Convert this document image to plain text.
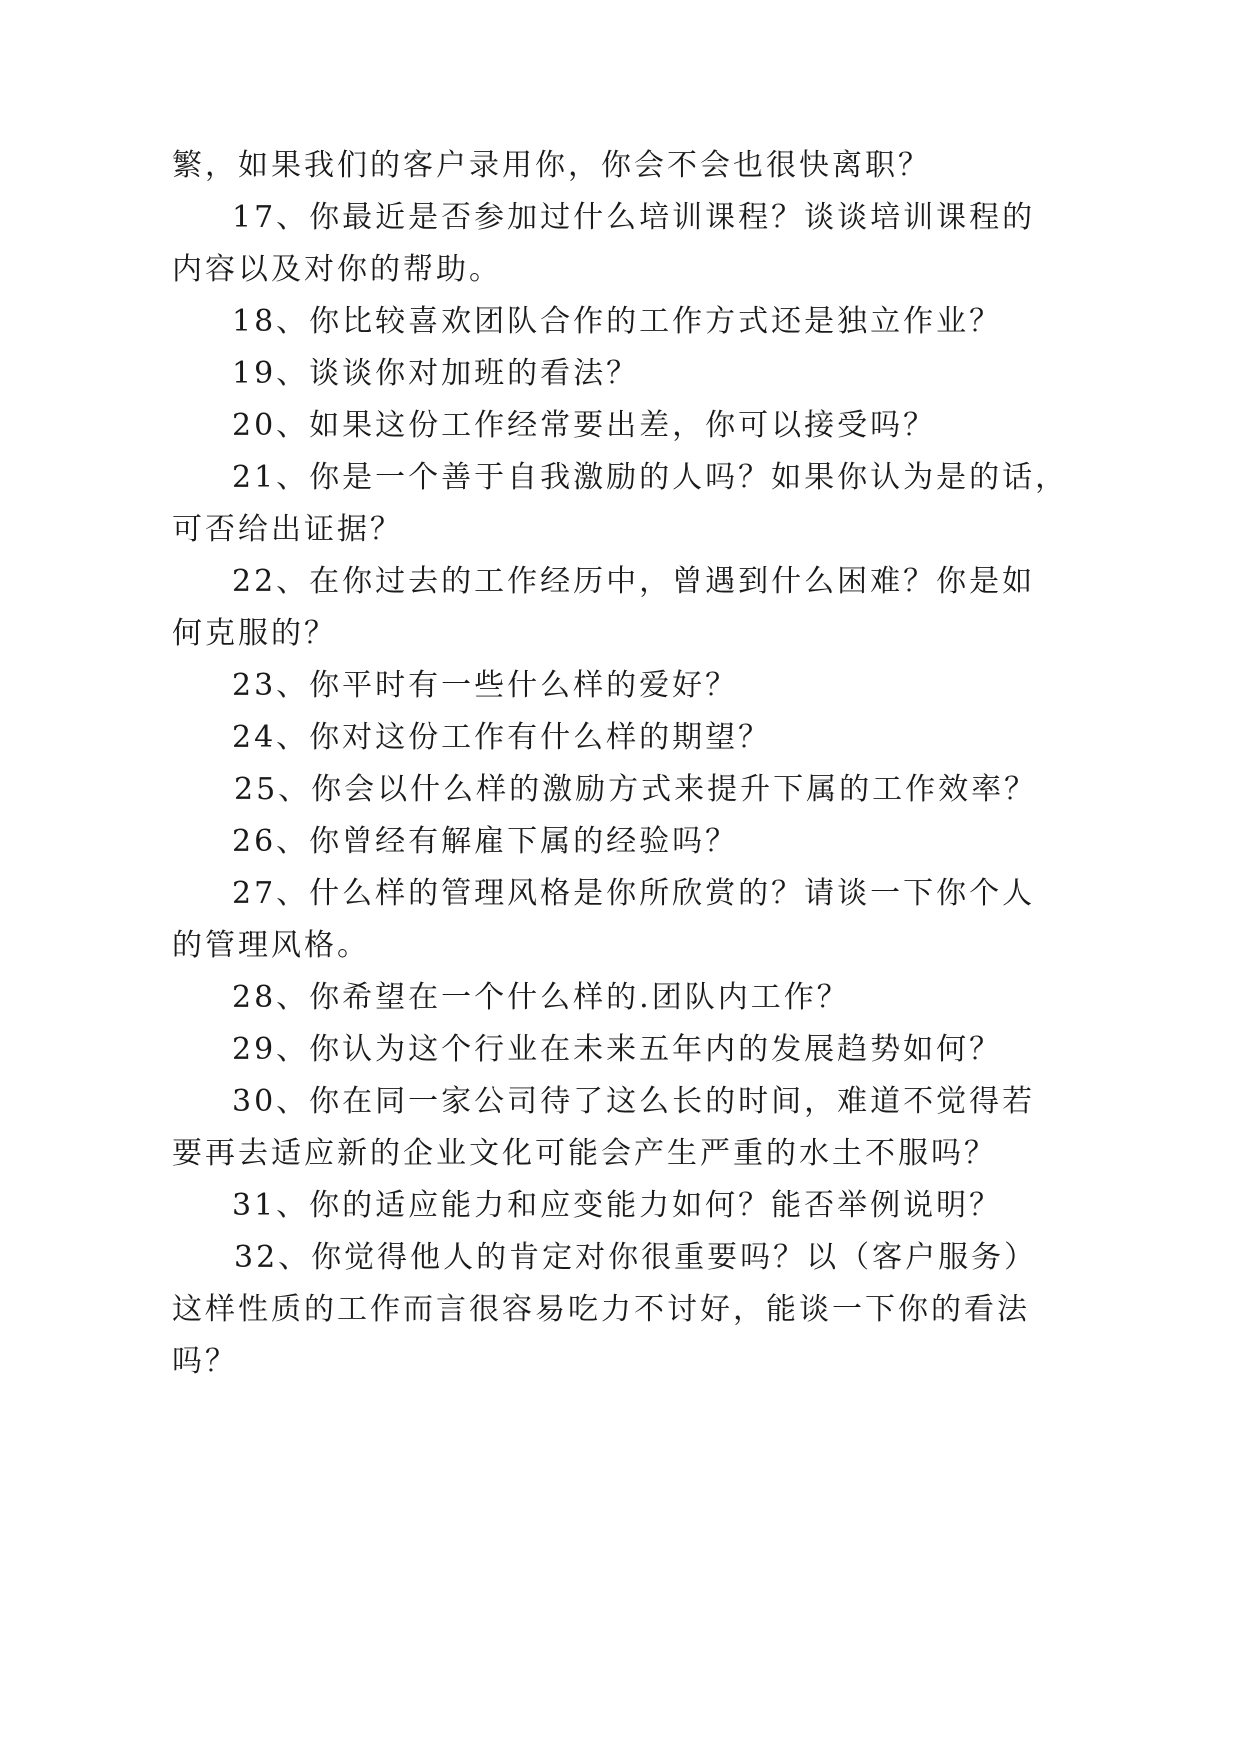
繁，如果我们的客户录用你，你会不会也很快离职？

17、你最近是否参加过什么培训课程？谈谈培训课程的

内容以及对你的帮助。

18、你比较喜欢团队合作的工作方式还是独立作业？

19、谈谈你对加班的看法？

20、如果这份工作经常要出差，你可以接受吗？

21、你是一个善于自我激励的人吗？如果你认为是的话，

可否给出证据？

22、在你过去的工作经历中，曾遇到什么困难？你是如

何克服的？

23、你平时有一些什么样的爱好？

24、你对这份工作有什么样的期望？

25、你会以什么样的激励方式来提升下属的工作效率？

26、你曾经有解雇下属的经验吗？

27、什么样的管理风格是你所欣赏的？请谈一下你个人

的管理风格。

28、你希望在一个什么样的.团队内工作？

29、你认为这个行业在未来五年内的发展趋势如何？

30、你在同一家公司待了这么长的时间，难道不觉得若

要再去适应新的企业文化可能会产生严重的水土不服吗？

31、你的适应能力和应变能力如何？能否举例说明？

32、你觉得他人的肯定对你很重要吗？以（客户服务）

这样性质的工作而言很容易吃力不讨好，能谈一下你的看法

吗？
